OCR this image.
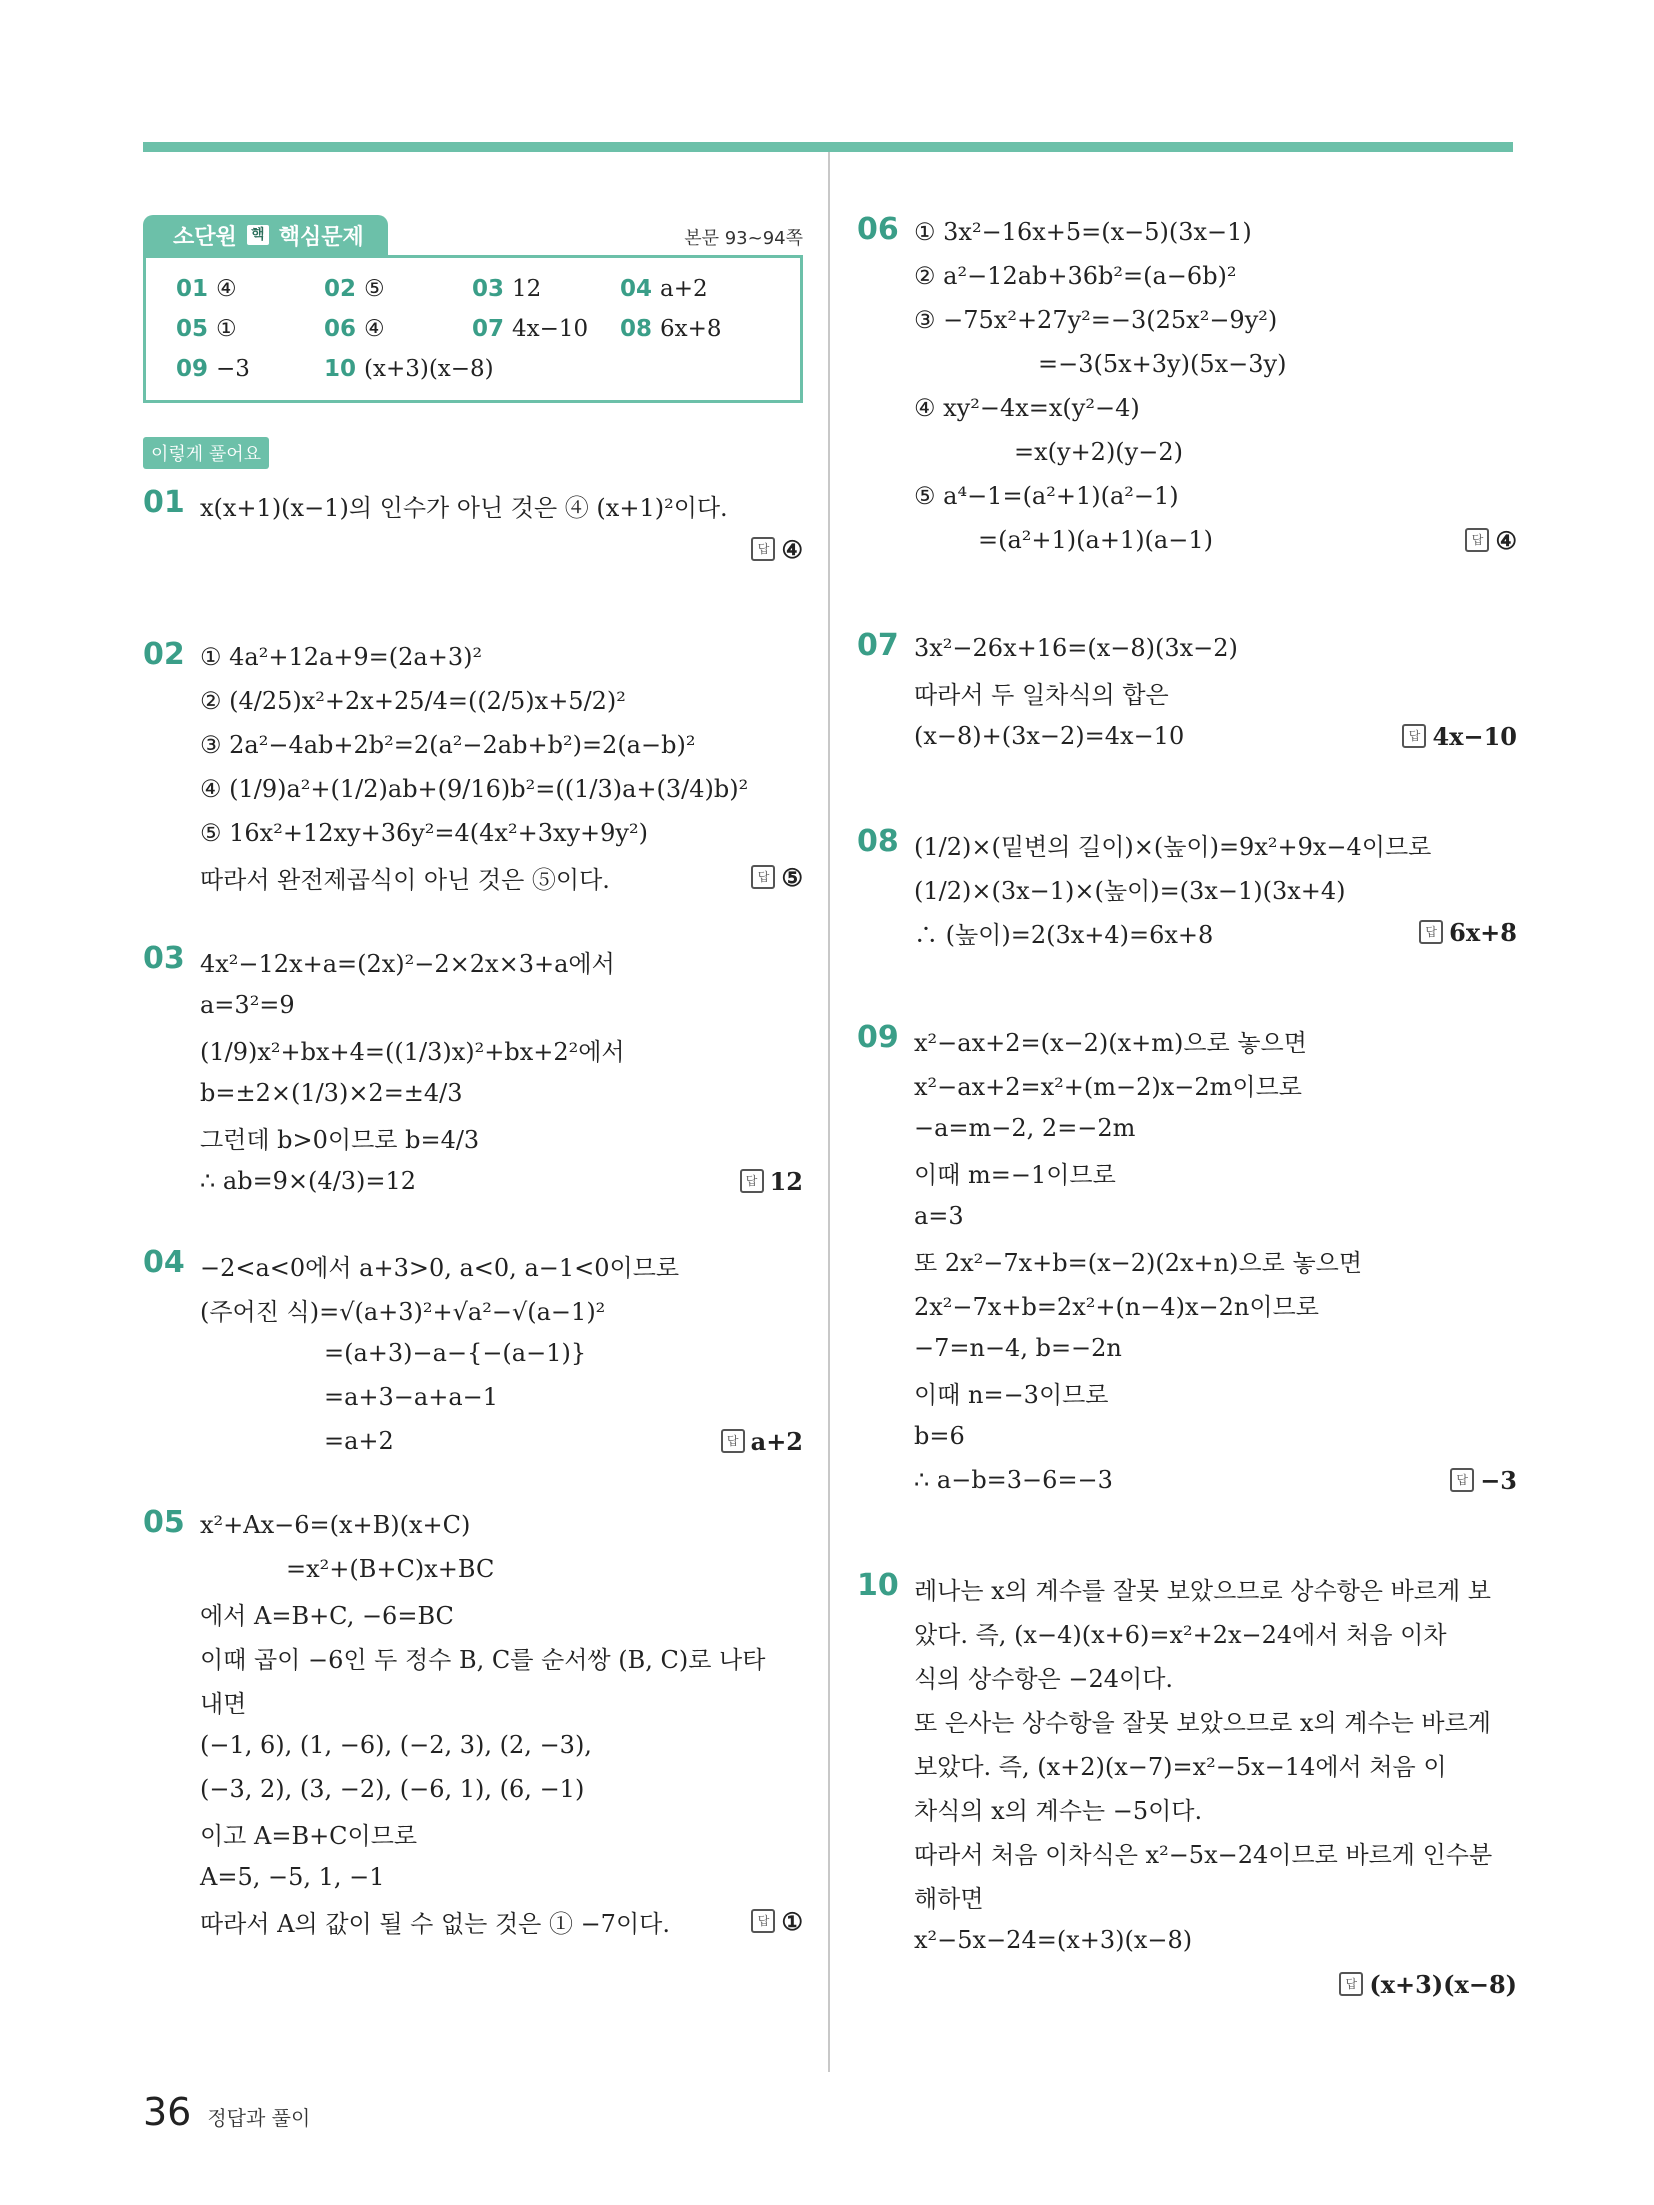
소단원	핵 핵심문제	본문 93~94쪽
01 ④	02 ⑤	03 12	04 a+2
05 ①	06 ④	07 4x−10	08 6x+8
09 −3	10 (x+3)(x−8)
이렇게 풀어요
01 x(x+1)(x−1)의 인수가 아닌 것은 ④ (x+1)²이다.
답 ④
02 ① 4a²+12a+9=(2a+3)²
② (4/25)x²+2x+25/4=((2/5)x+5/2)²
③ 2a²−4ab+2b²=2(a²−2ab+b²)=2(a−b)²
④ (1/9)a²+(1/2)ab+(9/16)b²=((1/3)a+(3/4)b)²
⑤ 16x²+12xy+36y²=4(4x²+3xy+9y²)
따라서 완전제곱식이 아닌 것은 ⑤이다.	답 ⑤
03 4x²−12x+a=(2x)²−2×2x×3+a에서
a=3²=9
(1/9)x²+bx+4=((1/3)x)²+bx+2²에서
b=±2×(1/3)×2=±4/3
그런데 b>0이므로 b=4/3
∴ ab=9×(4/3)=12	답 12
04 −2<a<0에서 a+3>0, a<0, a−1<0이므로
(주어진 식)=√(a+3)²+√a²−√(a−1)²
=(a+3)−a−{−(a−1)}
=a+3−a+a−1
=a+2	답 a+2
05 x²+Ax−6=(x+B)(x+C)
=x²+(B+C)x+BC
에서 A=B+C, −6=BC
이때 곱이 −6인 두 정수 B, C를 순서쌍 (B, C)로 나타
내면
(−1, 6), (1, −6), (−2, 3), (2, −3),
(−3, 2), (3, −2), (−6, 1), (6, −1)
이고 A=B+C이므로
A=5, −5, 1, −1
따라서 A의 값이 될 수 없는 것은 ① −7이다.	답 ①
06 ① 3x²−16x+5=(x−5)(3x−1)
② a²−12ab+36b²=(a−6b)²
③ −75x²+27y²=−3(25x²−9y²)
=−3(5x+3y)(5x−3y)
④ xy²−4x=x(y²−4)
=x(y+2)(y−2)
⑤ a⁴−1=(a²+1)(a²−1)
=(a²+1)(a+1)(a−1)	답 ④
07 3x²−26x+16=(x−8)(3x−2)
따라서 두 일차식의 합은
(x−8)+(3x−2)=4x−10	답 4x−10
08 (1/2)×(밑변의 길이)×(높이)=9x²+9x−4이므로
(1/2)×(3x−1)×(높이)=(3x−1)(3x+4)
∴ (높이)=2(3x+4)=6x+8	답 6x+8
09 x²−ax+2=(x−2)(x+m)으로 놓으면
x²−ax+2=x²+(m−2)x−2m이므로
−a=m−2, 2=−2m
이때 m=−1이므로
a=3
또 2x²−7x+b=(x−2)(2x+n)으로 놓으면
2x²−7x+b=2x²+(n−4)x−2n이므로
−7=n−4, b=−2n
이때 n=−3이므로
b=6
∴ a−b=3−6=−3	답 −3
10 레나는 x의 계수를 잘못 보았으므로 상수항은 바르게 보
았다. 즉, (x−4)(x+6)=x²+2x−24에서 처음 이차
식의 상수항은 −24이다.
또 은사는 상수항을 잘못 보았으므로 x의 계수는 바르게
보았다. 즉, (x+2)(x−7)=x²−5x−14에서 처음 이
차식의 x의 계수는 −5이다.
따라서 처음 이차식은 x²−5x−24이므로 바르게 인수분
해하면
x²−5x−24=(x+3)(x−8)
답 (x+3)(x−8)
36 정답과 풀이
